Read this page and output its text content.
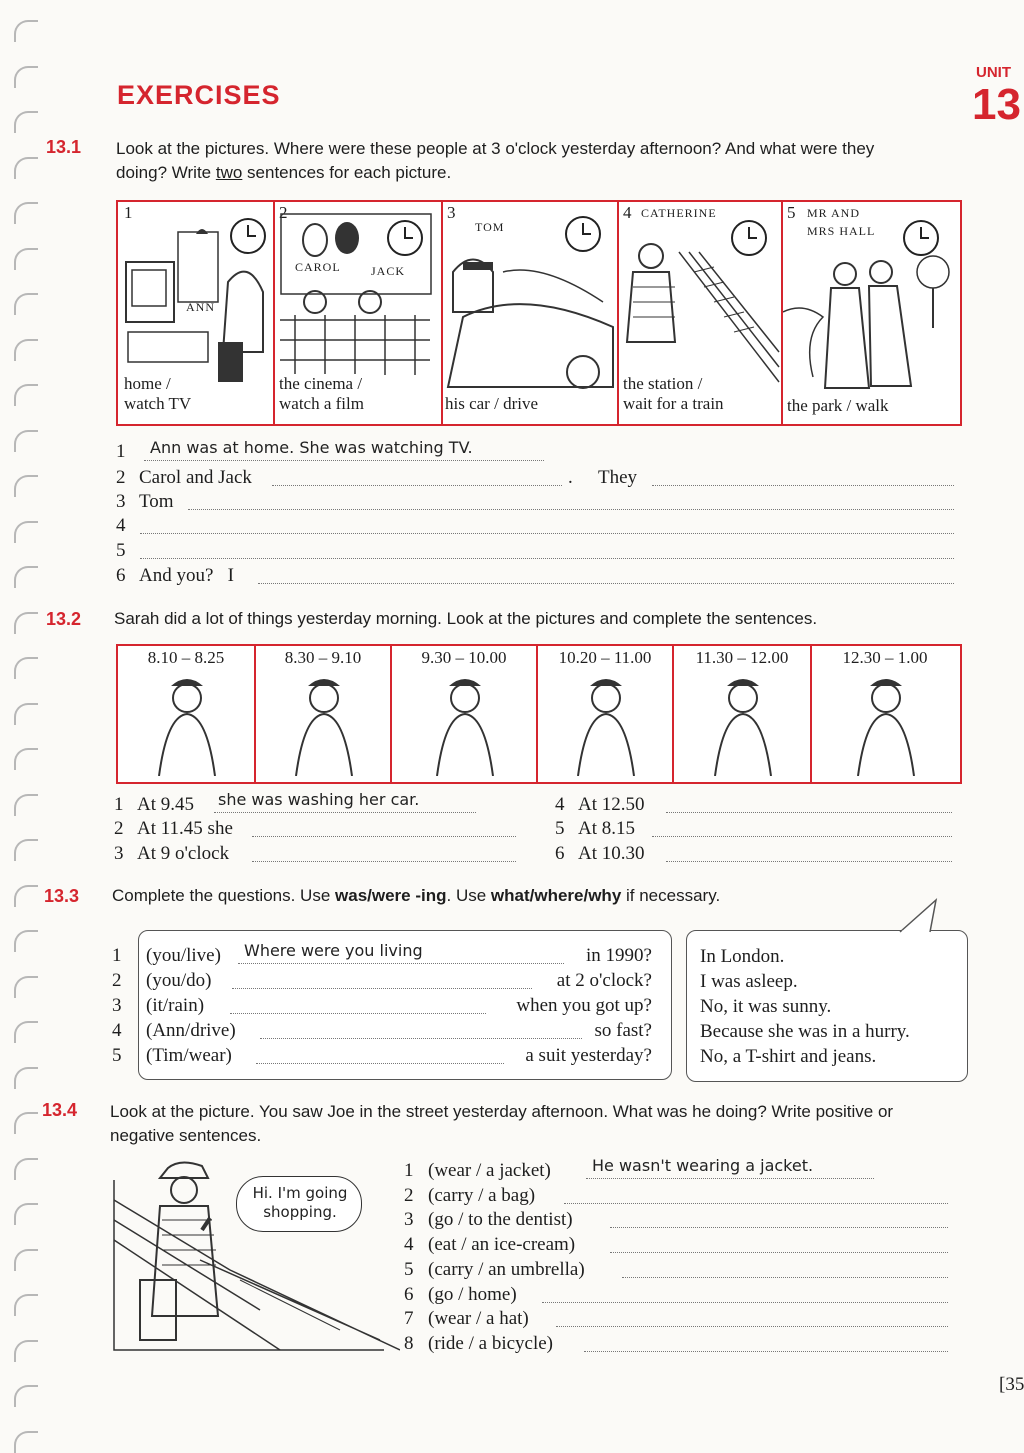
EXERCISES
UNIT
13
13.1 Look at the pictures. Where were these people at 3 o'clock yesterday afternoon? And what were they
doing? Write two sentences for each picture.
1
ANN
home /
watch TV
2
CAROL	JACK
the cinema /
watch a film
3
TOM
his car / drive
4 CATHERINE
the station /
wait for a train
5 MR AND
MRS HALL
the park / walk
1 Ann was at home. She was watching TV.
2 Carol and Jack	. They
3 Tom
4
5
6 And you?   I
13.2 Sarah did a lot of things yesterday morning. Look at the pictures and complete the sentences.
8.10 – 8.25	8.30 – 9.10	9.30 – 10.00	10.20 – 11.00	11.30 – 12.00	12.30 – 1.00
1 At 9.45 she was washing her car.
2 At 11.45 she
3 At 9 o'clock
4 At 12.50
5 At 8.15
6 At 10.30
13.3 Complete the questions. Use was/were -ing. Use what/where/why if necessary.
1 (you/live)	in 1990?
Where were you living
2 (you/do)	at 2 o'clock?
3 (it/rain)	when you got up?
4 (Ann/drive)	so fast?
5 (Tim/wear)	a suit yesterday?
In London.
I was asleep.
No, it was sunny.
Because she was in a hurry.
No, a T-shirt and jeans.
13.4 Look at the picture. You saw Joe in the street yesterday afternoon. What was he doing? Write positive or
negative sentences.
Hi. I'm going shopping.
1 (wear / a jacket)	He wasn't wearing a jacket.
2 (carry / a bag)
3 (go / to the dentist)
4 (eat / an ice-cream)
5 (carry / an umbrella)
6 (go / home)
7 (wear / a hat)
8 (ride / a bicycle)
[35
